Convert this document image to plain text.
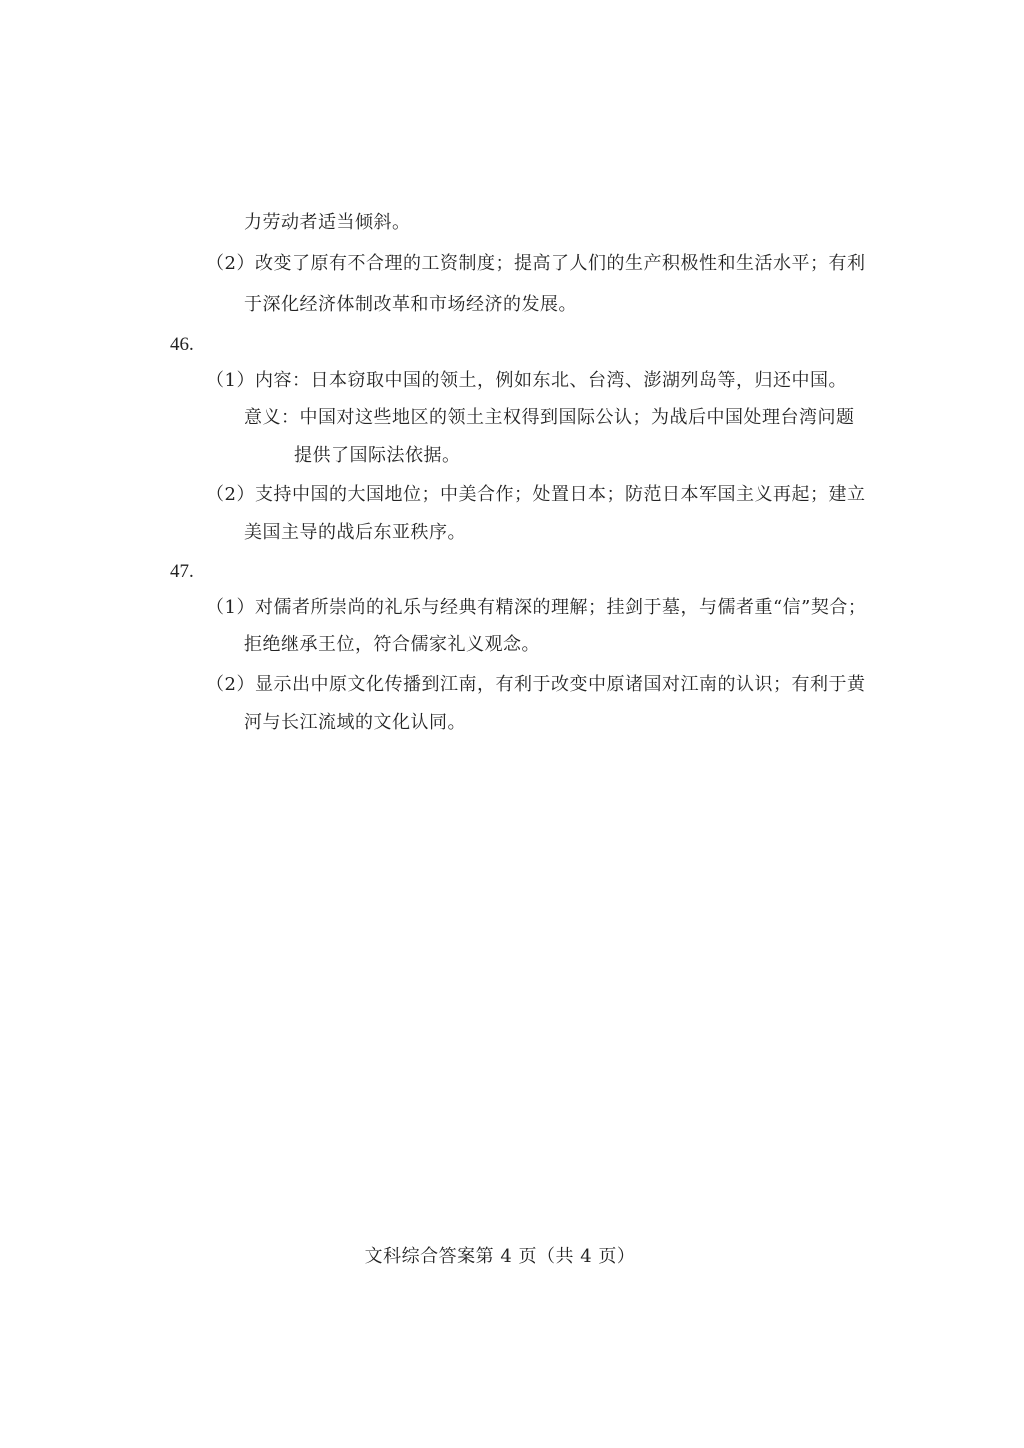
力劳动者适当倾斜。
（2）改变了原有不合理的工资制度；提高了人们的生产积极性和生活水平；有利
于深化经济体制改革和市场经济的发展。
46.
（1）内容：日本窃取中国的领土，例如东北、台湾、澎湖列岛等，归还中国。
意义：中国对这些地区的领土主权得到国际公认；为战后中国处理台湾问题
提供了国际法依据。
（2）支持中国的大国地位；中美合作；处置日本；防范日本军国主义再起；建立
美国主导的战后东亚秩序。
47.
（1）对儒者所崇尚的礼乐与经典有精深的理解；挂剑于墓，与儒者重“信”契合；
拒绝继承王位，符合儒家礼义观念。
（2）显示出中原文化传播到江南，有利于改变中原诸国对江南的认识；有利于黄
河与长江流域的文化认同。
文科综合答案第 4 页（共 4 页）
